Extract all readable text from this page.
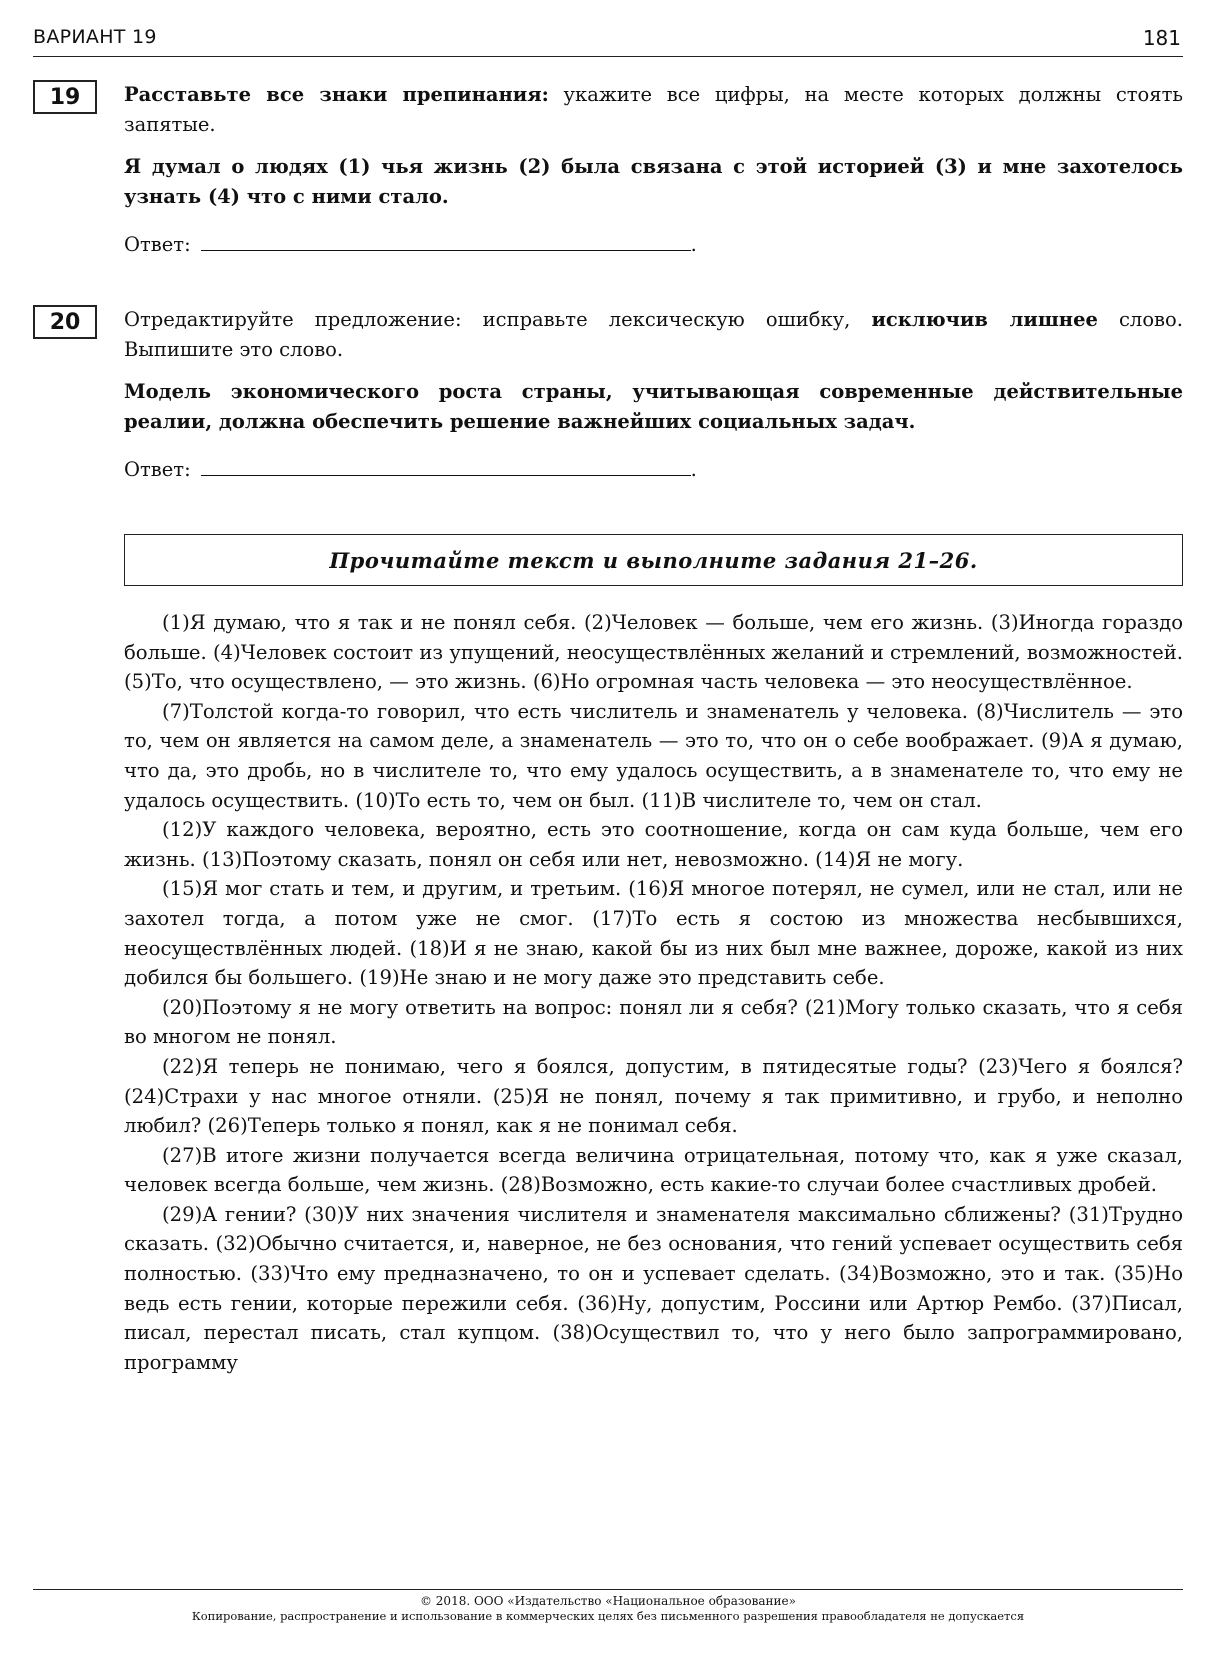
ВАРИАНТ 19	181
19	Расставьте все знаки препинания: укажите все цифры, на месте которых должны стоять запятые.

Я думал о людях (1) чья жизнь (2) была связана с этой историей (3) и мне захотелось узнать (4) что с ними стало.

Ответ:	.

20	Отредактируйте предложение: исправьте лексическую ошибку, исключив лишнее слово. Выпишите это слово.

Модель экономического роста страны, учитывающая современные действительные реалии, должна обеспечить решение важнейших социальных задач.

Ответ:	.

Прочитайте текст и выполните задания 21–26.

(1)Я думаю, что я так и не понял себя. (2)Человек — больше, чем его жизнь. (3)Иногда гораздо больше. (4)Человек состоит из упущений, неосуществлённых желаний и стремлений, возможностей. (5)То, что осуществлено, — это жизнь. (6)Но огромная часть человека — это неосуществлённое.

(7)Толстой когда-то говорил, что есть числитель и знаменатель у человека. (8)Числитель — это то, чем он является на самом деле, а знаменатель — это то, что он о себе воображает. (9)А я думаю, что да, это дробь, но в числителе то, что ему удалось осуществить, а в знаменателе то, что ему не удалось осуществить. (10)То есть то, чем он был. (11)В числителе то, чем он стал.

(12)У каждого человека, вероятно, есть это соотношение, когда он сам куда больше, чем его жизнь. (13)Поэтому сказать, понял он себя или нет, невозможно. (14)Я не могу.

(15)Я мог стать и тем, и другим, и третьим. (16)Я многое потерял, не сумел, или не стал, или не захотел тогда, а потом уже не смог. (17)То есть я состою из множества несбывшихся, неосуществлённых людей. (18)И я не знаю, какой бы из них был мне важнее, дороже, какой из них добился бы большего. (19)Не знаю и не могу даже это представить себе.

(20)Поэтому я не могу ответить на вопрос: понял ли я себя? (21)Могу только сказать, что я себя во многом не понял.

(22)Я теперь не понимаю, чего я боялся, допустим, в пятидесятые годы? (23)Чего я боялся? (24)Страхи у нас многое отняли. (25)Я не понял, почему я так примитивно, и грубо, и неполно любил? (26)Теперь только я понял, как я не понимал себя.

(27)В итоге жизни получается всегда величина отрицательная, потому что, как я уже сказал, человек всегда больше, чем жизнь. (28)Возможно, есть какие-то случаи более счастливых дробей.

(29)А гении? (30)У них значения числителя и знаменателя максимально сближены? (31)Трудно сказать. (32)Обычно считается, и, наверное, не без основания, что гений успевает осуществить себя полностью. (33)Что ему предназначено, то он и успевает сделать. (34)Возможно, это и так. (35)Но ведь есть гении, которые пережили себя. (36)Ну, допустим, Россини или Артюр Рембо. (37)Писал, писал, перестал писать, стал купцом. (38)Осуществил то, что у него было запрограммировано, программу

© 2018. ООО «Издательство «Национальное образование»
Копирование, распространение и использование в коммерческих целях без письменного разрешения правообладателя не допускается
